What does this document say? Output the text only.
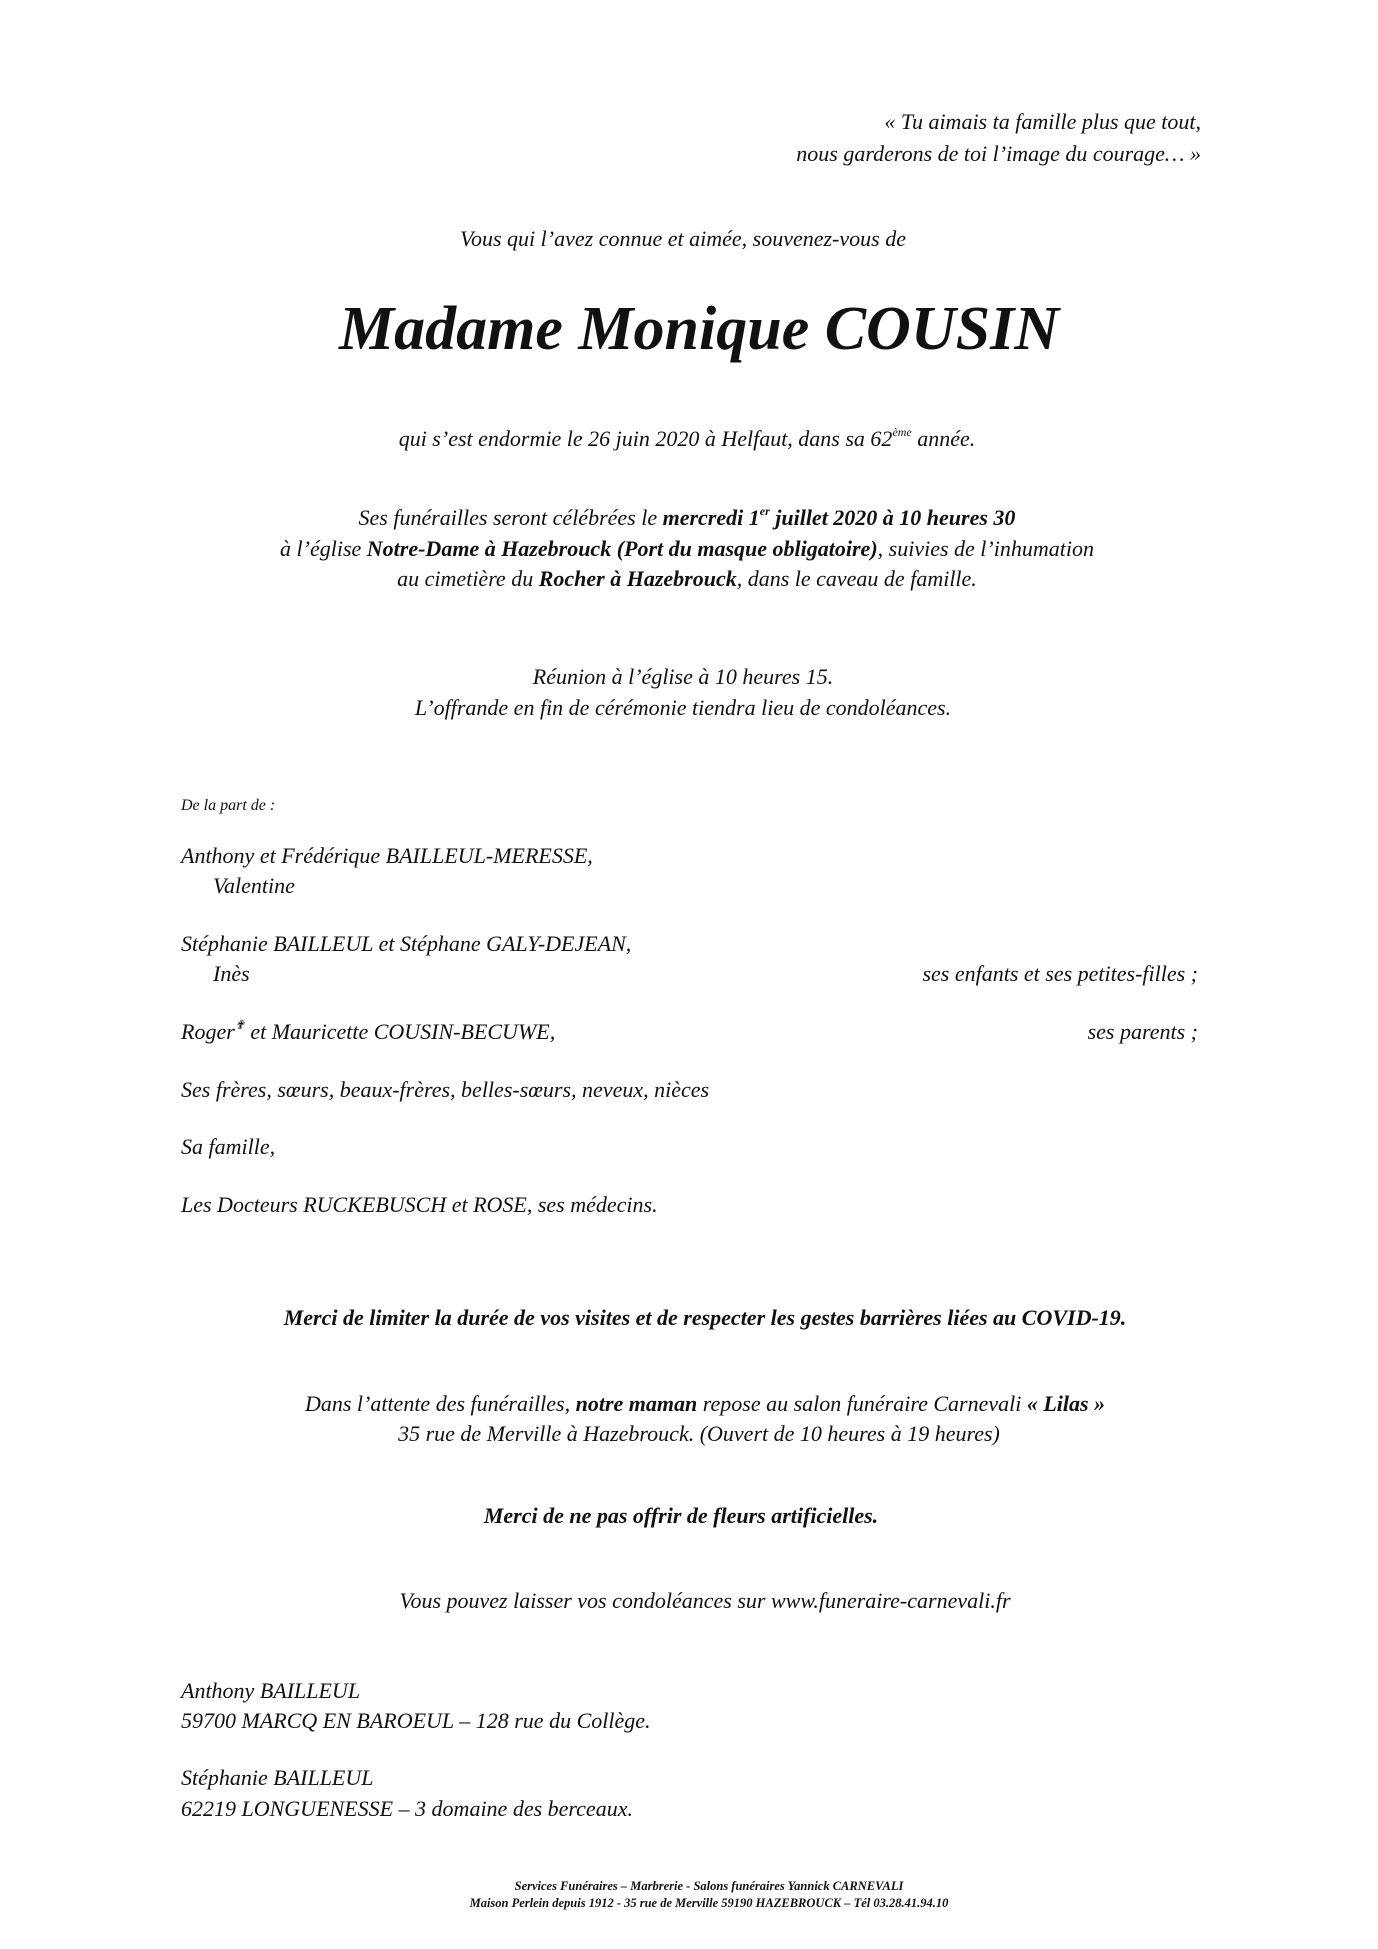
« Tu aimais ta famille plus que tout,
nous garderons de toi l’image du courage… »
Vous qui l’avez connue et aimée, souvenez-vous de
Madame Monique COUSIN
qui s’est endormie le 26 juin 2020 à Helfaut, dans sa 62ème année.
Ses funérailles seront célébrées le mercredi 1er juillet 2020 à 10 heures 30
à l’église Notre-Dame à Hazebrouck (Port du masque obligatoire), suivies de l’inhumation
au cimetière du Rocher à Hazebrouck, dans le caveau de famille.
Réunion à l’église à 10 heures 15.
L’offrande en fin de cérémonie tiendra lieu de condoléances.
De la part de :
Anthony et Frédérique BAILLEUL-MERESSE,
Valentine
Stéphanie BAILLEUL et Stéphane GALY-DEJEAN,
Inès	ses enfants et ses petites-filles ;
Roger✟ et Mauricette COUSIN-BECUWE,	ses parents ;
Ses frères, sœurs, beaux-frères, belles-sœurs, neveux, nièces
Sa famille,
Les Docteurs RUCKEBUSCH et ROSE, ses médecins.
Merci de limiter la durée de vos visites et de respecter les gestes barrières liées au COVID-19.
Dans l’attente des funérailles, notre maman repose au salon funéraire Carnevali « Lilas »
35 rue de Merville à Hazebrouck. (Ouvert de 10 heures à 19 heures)
Merci de ne pas offrir de fleurs artificielles.
Vous pouvez laisser vos condoléances sur www.funeraire-carnevali.fr
Anthony BAILLEUL
59700 MARCQ EN BAROEUL – 128 rue du Collège.
Stéphanie BAILLEUL
62219 LONGUENESSE – 3 domaine des berceaux.
Services Funéraires – Marbrerie - Salons funéraires Yannick CARNEVALI
Maison Perlein depuis 1912 - 35 rue de Merville 59190 HAZEBROUCK – Tél 03.28.41.94.10
